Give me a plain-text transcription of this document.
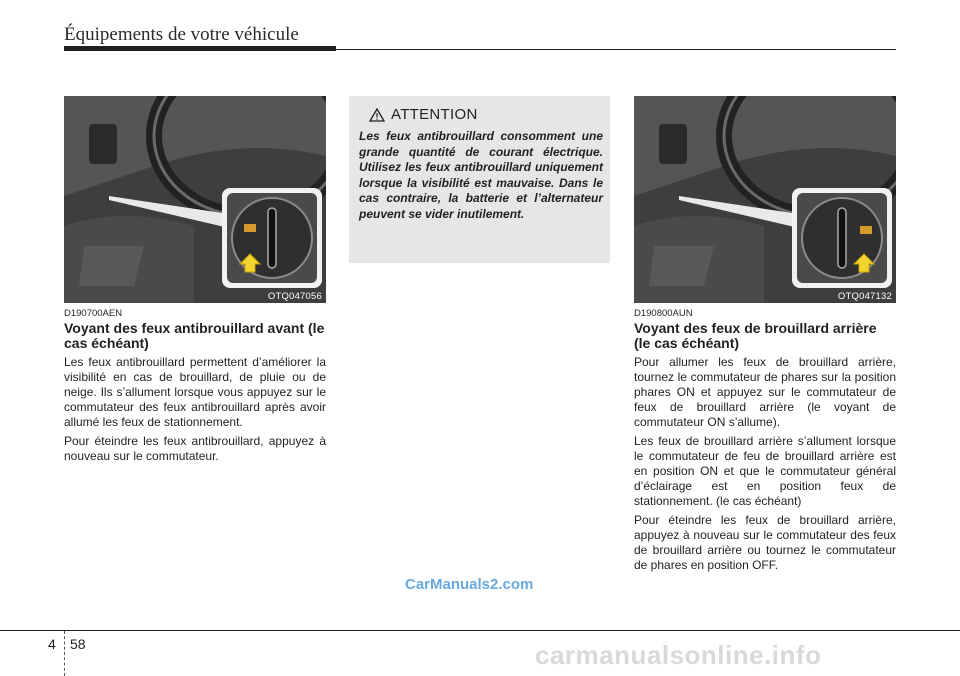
Équipements de votre véhicule
OTQ047056
D190700AEN
Voyant des feux antibrouillard avant (le cas échéant)
Les feux antibrouillard permettent d’améliorer la visibilité en cas de brouillard, de pluie ou de neige. Ils s’allument lorsque vous appuyez sur le commutateur des feux antibrouillard après avoir allumé les feux de stationnement.
Pour éteindre les feux antibrouillard, appuyez à nouveau sur le commutateur.
ATTENTION
Les feux antibrouillard consomment une grande quantité de courant électrique. Utilisez les feux antibrouillard uniquement lorsque la visibilité est mauvaise. Dans le cas contraire, la batterie et l’alternateur peuvent se vider inutilement.
OTQ047132
D190800AUN
Voyant des feux de brouillard arrière (le cas échéant)
Pour allumer les feux de brouillard arrière, tournez le commutateur de phares sur la position phares ON et appuyez sur le commutateur de feux de brouillard arrière (le voyant de commutateur ON s’allume).
Les feux de brouillard arrière s’allument lorsque le commutateur de feu de brouillard arrière est en position ON et que le commutateur général d’éclairage est en position feux de stationnement. (le cas échéant)
Pour éteindre les feux de brouillard arrière, appuyez à nouveau sur le commutateur des feux de brouillard arrière ou tournez le commutateur de phares en position OFF.
CarManuals2.com
4 58	carmanualsonline.info
